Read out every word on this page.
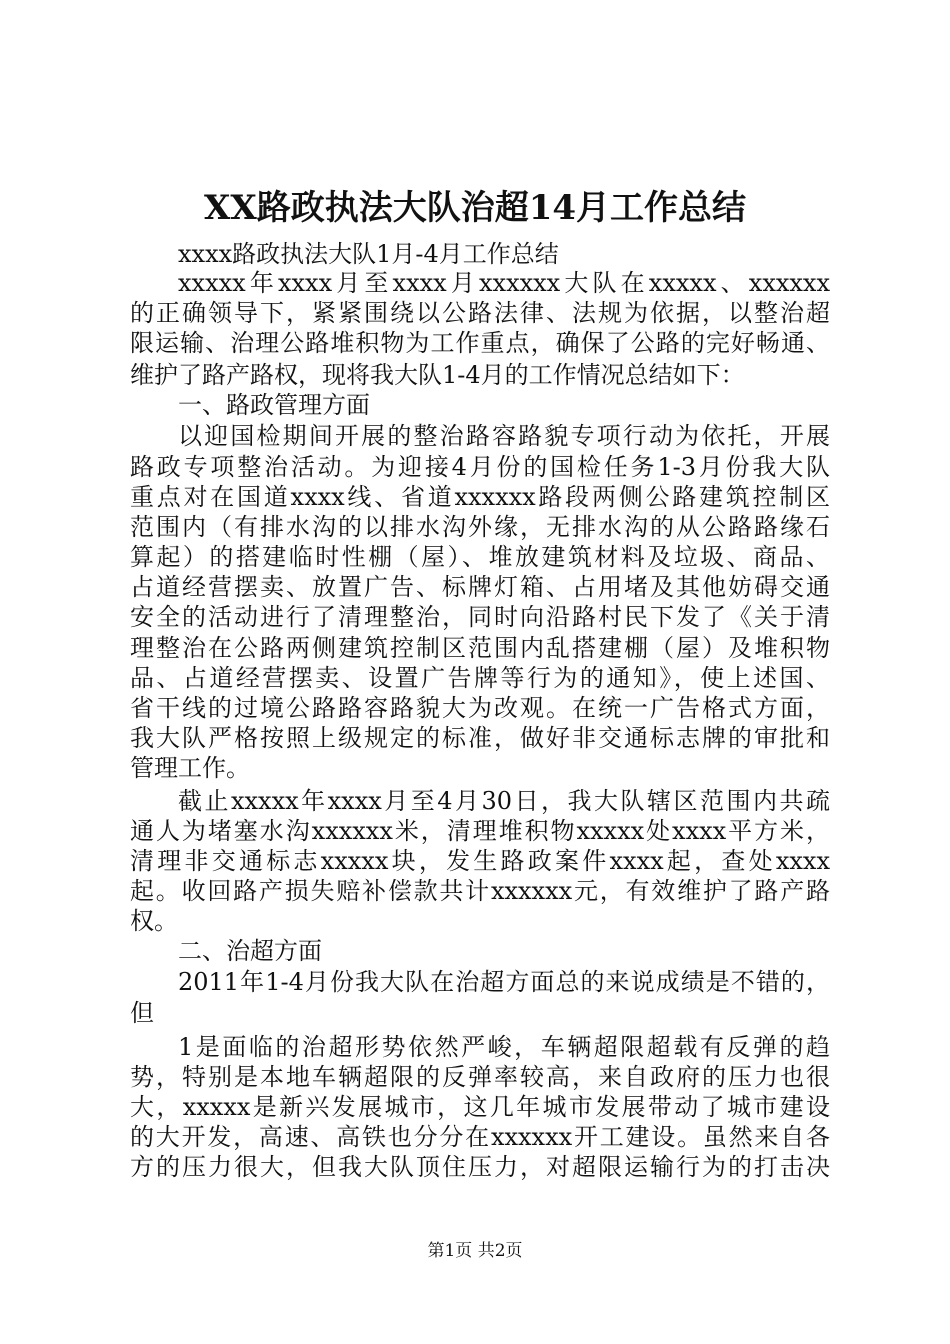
XX路政执法大队治超14月工作总结
xxxx路政执法大队1月-4月工作总结
xxxxx年xxxx月至xxxx月xxxxxx大队在xxxxx、xxxxxx
的正确领导下，紧紧围绕以公路法律、法规为依据，以整治超
限运输、治理公路堆积物为工作重点，确保了公路的完好畅通、
维护了路产路权，现将我大队1-4月的工作情况总结如下：
一、路政管理方面
以迎国检期间开展的整治路容路貌专项行动为依托，开展
路政专项整治活动。为迎接4月份的国检任务1-3月份我大队
重点对在国道xxxx线、省道xxxxxx路段两侧公路建筑控制区
范围内（有排水沟的以排水沟外缘，无排水沟的从公路路缘石
算起）的搭建临时性棚（屋）、堆放建筑材料及垃圾、商品、
占道经营摆卖、放置广告、标牌灯箱、占用堵及其他妨碍交通
安全的活动进行了清理整治，同时向沿路村民下发了《关于清
理整治在公路两侧建筑控制区范围内乱搭建棚（屋）及堆积物
品、占道经营摆卖、设置广告牌等行为的通知》，使上述国、
省干线的过境公路路容路貌大为改观。在统一广告格式方面，
我大队严格按照上级规定的标准，做好非交通标志牌的审批和
管理工作。
截止xxxxx年xxxx月至4月30日，我大队辖区范围内共疏
通人为堵塞水沟xxxxxx米，清理堆积物xxxxx处xxxx平方米，
清理非交通标志xxxxx块，发生路政案件xxxx起，查处xxxx
起。收回路产损失赔补偿款共计xxxxxx元，有效维护了路产路
权。
二、治超方面
2011年1-4月份我大队在治超方面总的来说成绩是不错的，
但
1是面临的治超形势依然严峻，车辆超限超载有反弹的趋
势，特别是本地车辆超限的反弹率较高，来自政府的压力也很
大，xxxxx是新兴发展城市，这几年城市发展带动了城市建设
的大开发，高速、高铁也分分在xxxxxx开工建设。虽然来自各
方的压力很大，但我大队顶住压力，对超限运输行为的打击决
第1页 共2页
